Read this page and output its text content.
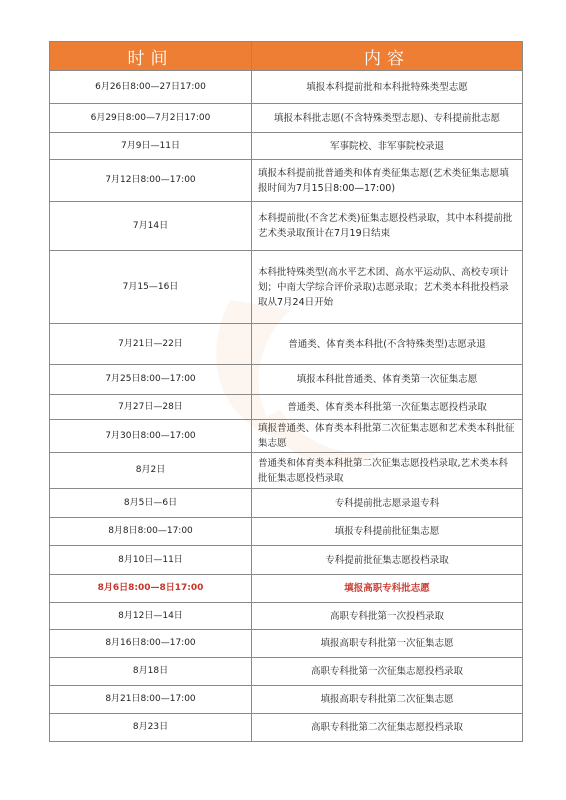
时间	内容
6月26日8:00—27日17:00	填报本科提前批和本科批特殊类型志愿
6月29日8:00—7月2日17:00	填报本科批志愿(不含特殊类型志愿)、专科提前批志愿
7月9日—11日	军事院校、非军事院校录退
7月12日8:00—17:00	填报本科提前批普通类和体育类征集志愿(艺术类征集志愿填报时间为7月15日8:00—17:00)
7月14日	本科提前批(不含艺术类)征集志愿投档录取，其中本科提前批艺术类录取预计在7月19日结束
7月15—16日	本科批特殊类型(高水平艺术团、高水平运动队、高校专项计划；中南大学综合评价录取)志愿录取；艺术类本科批投档录取从7月24日开始
7月21日—22日	普通类、体育类本科批(不含特殊类型)志愿录退
7月25日8:00—17:00	填报本科批普通类、体育类第一次征集志愿
7月27日—28日	普通类、体育类本科批第一次征集志愿投档录取
7月30日8:00—17:00	填报普通类、体育类本科批第二次征集志愿和艺术类本科批征集志愿
8月2日	普通类和体育类本科批第二次征集志愿投档录取,艺术类本科批征集志愿投档录取
8月5日—6日	专科提前批志愿录退专科
8月8日8:00—17:00	填报专科提前批征集志愿
8月10日—11日	专科提前批征集志愿投档录取
8月6日8:00—8日17:00	填报高职专科批志愿
8月12日—14日	高职专科批第一次投档录取
8月16日8:00—17:00	填报高职专科批第一次征集志愿
8月18日	高职专科批第一次征集志愿投档录取
8月21日8:00—17:00	填报高职专科批第二次征集志愿
8月23日	高职专科批第二次征集志愿投档录取
